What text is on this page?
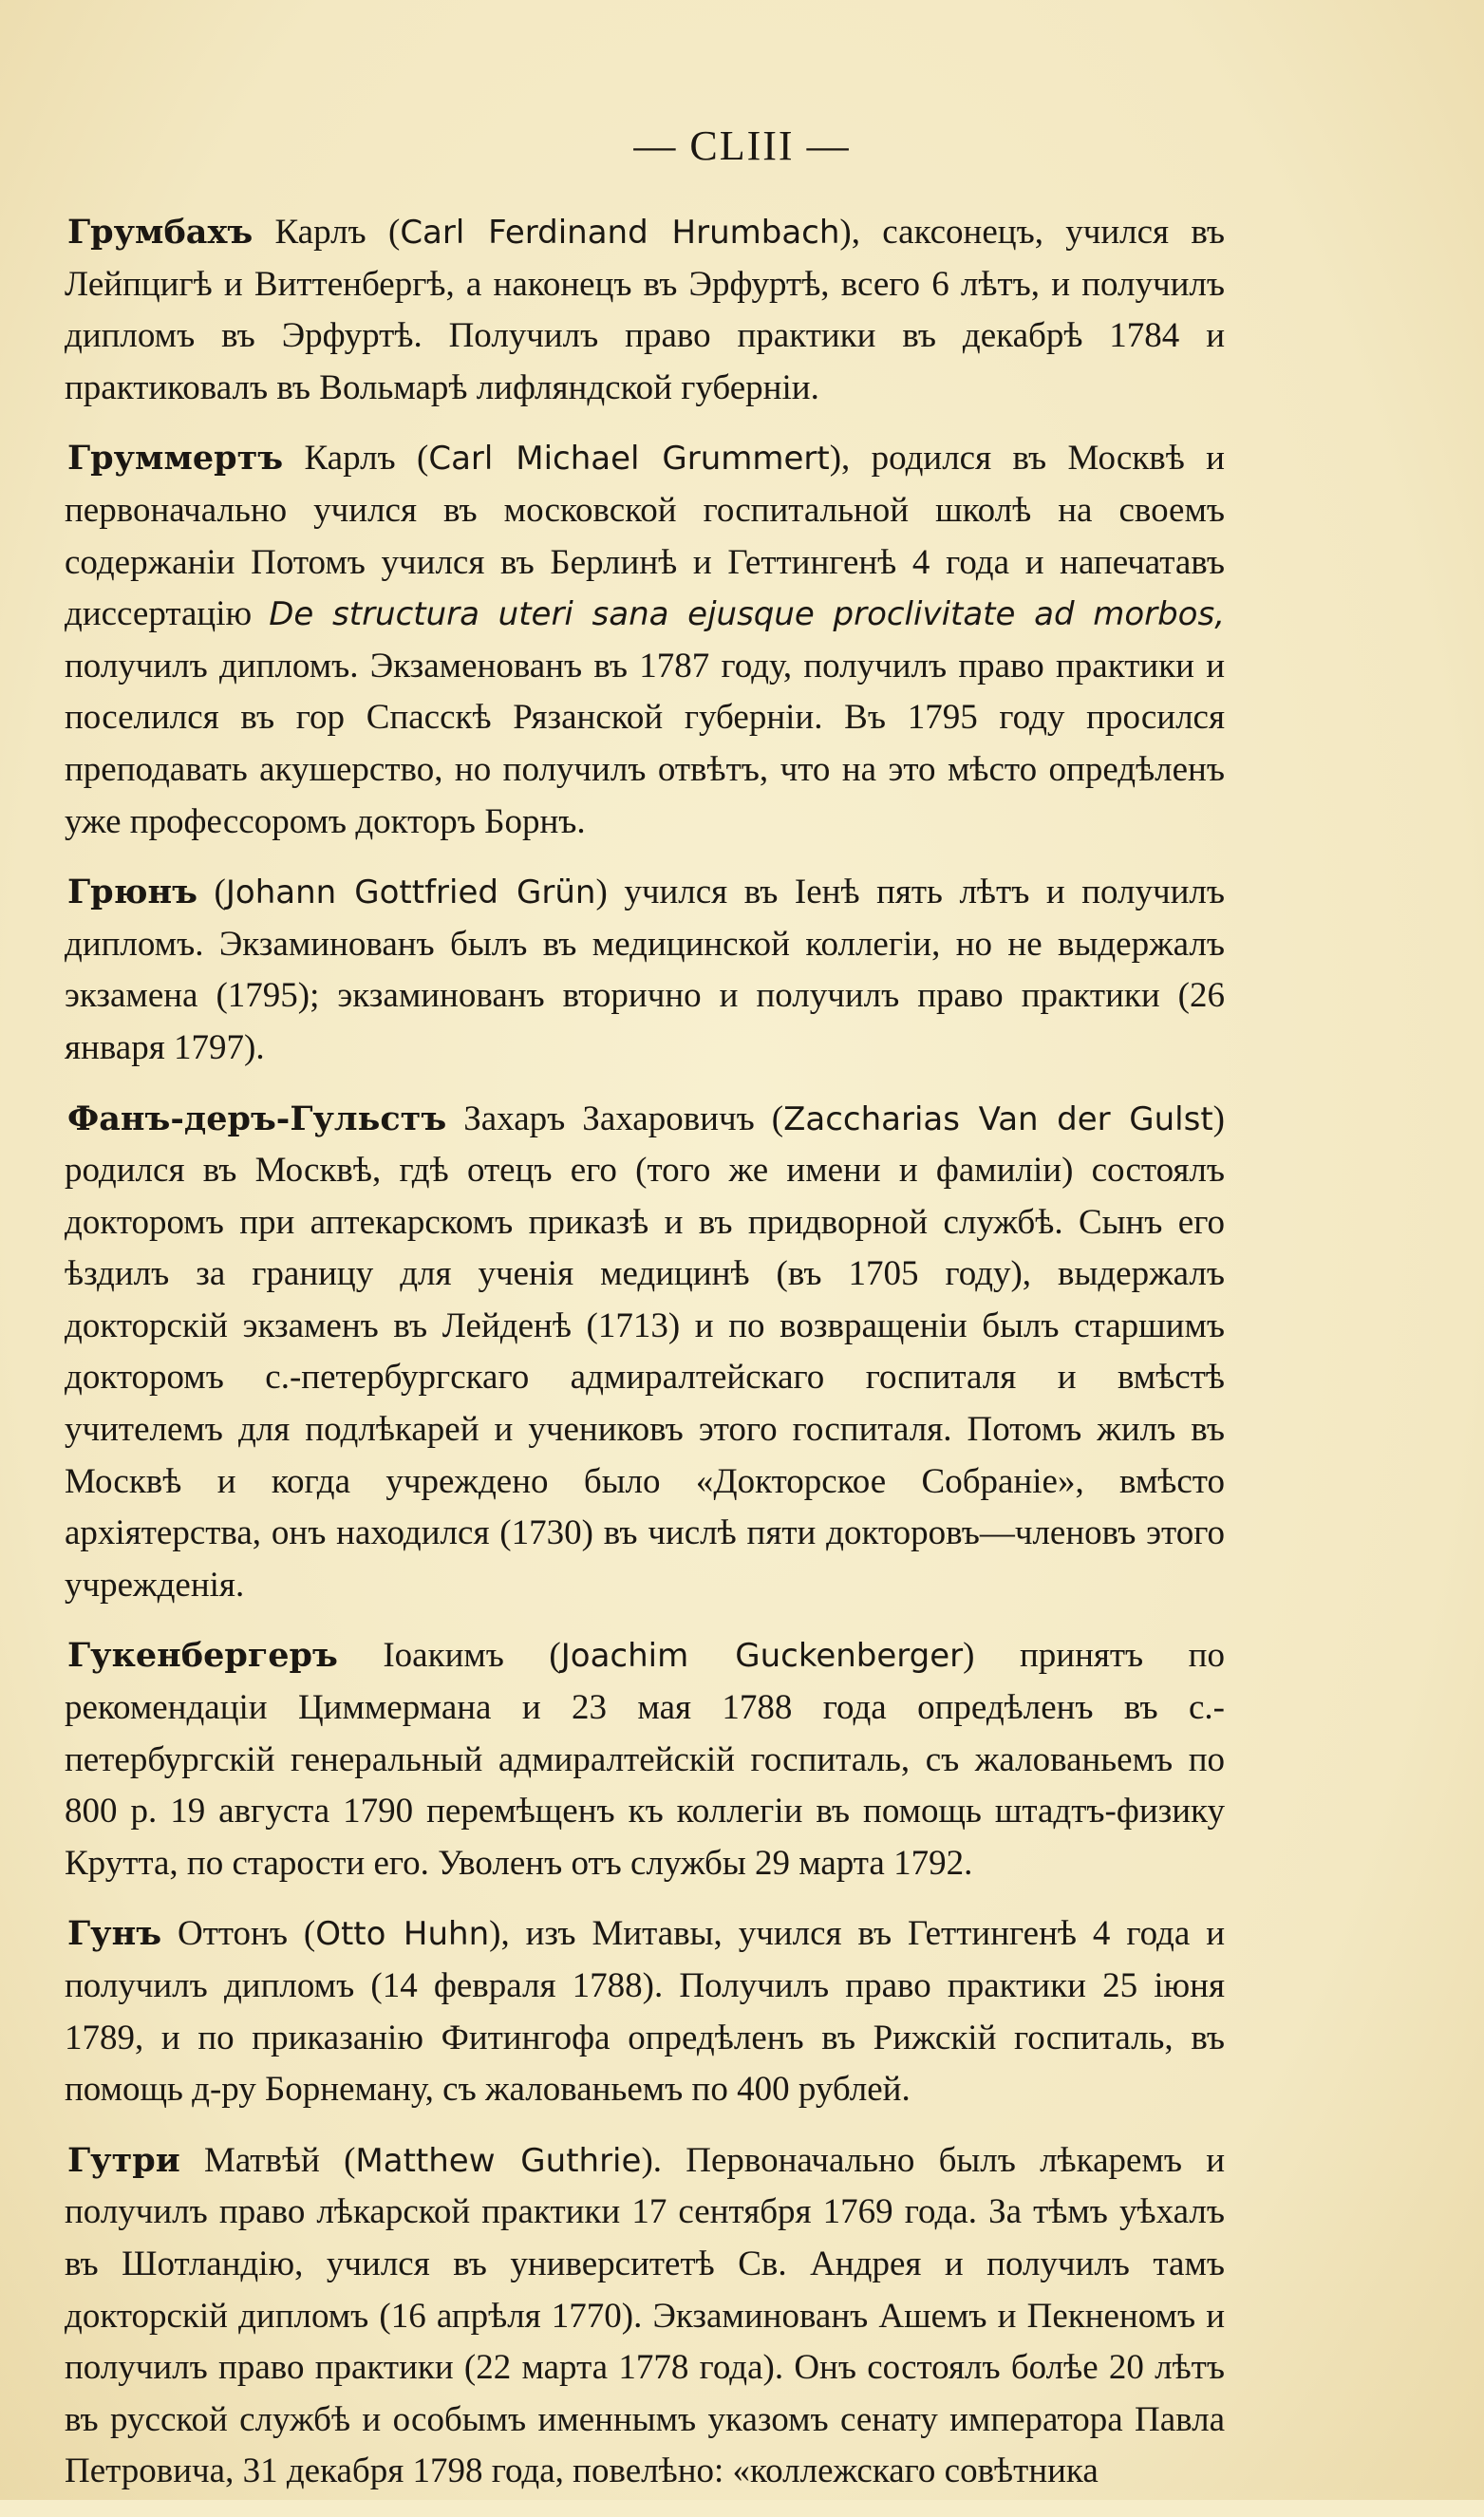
— CLIII —

Грумбахъ Карлъ (Carl Ferdinand Hrumbach), саксонецъ, учился въ Лейпцигѣ и Виттенбергѣ, а наконецъ въ Эрфуртѣ, всего 6 лѣтъ, и получилъ дипломъ въ Эрфуртѣ. Получилъ право практики въ декабрѣ 1784 и практиковалъ въ Вольмарѣ лифляндской губерніи.

Груммертъ Карлъ (Carl Michael Grummert), родился въ Москвѣ и первоначально учился въ московской госпитальной школѣ на своемъ содержаніи Потомъ учился въ Берлинѣ и Геттингенѣ 4 года и напечатавъ диссертацію De structura uteri sana ejusque proclivitate ad morbos, получилъ дипломъ. Экзаменованъ въ 1787 году, получилъ право практики и поселился въ гор Спасскѣ Рязанской губерніи. Въ 1795 году просился преподавать акушерство, но получилъ отвѣтъ, что на это мѣсто опредѣленъ уже профессоромъ докторъ Борнъ.

Грюнъ (Johann Gottfried Grün) учился въ Іенѣ пять лѣтъ и получилъ дипломъ. Экзаминованъ былъ въ медицинской коллегіи, но не выдержалъ экзамена (1795); экзаминованъ вторично и получилъ право практики (26 января 1797).

Фанъ-деръ-Гульстъ Захаръ Захаровичъ (Zaccharias Van der Gulst) родился въ Москвѣ, гдѣ отецъ его (того же имени и фамиліи) состоялъ докторомъ при аптекарскомъ приказѣ и въ придворной службѣ. Сынъ его ѣздилъ за границу для ученія медицинѣ (въ 1705 году), выдержалъ докторскій экзаменъ въ Лейденѣ (1713) и по возвращеніи былъ старшимъ докторомъ с.-петербургскаго адмиралтейскаго госпиталя и вмѣстѣ учителемъ для подлѣкарей и учениковъ этого госпиталя. Потомъ жилъ въ Москвѣ и когда учреждено было «Докторское Собраніе», вмѣсто архіятерства, онъ находился (1730) въ числѣ пяти докторовъ—членовъ этого учрежденія.

Гукенбергеръ Іоакимъ (Joachim Guckenberger) принятъ по рекомендаціи Циммермана и 23 мая 1788 года опредѣленъ въ с.-петербургскій генеральный адмиралтейскій госпиталь, съ жалованьемъ по 800 р. 19 августа 1790 перемѣщенъ къ коллегіи въ помощь штадтъ-физику Крутта, по старости его. Уволенъ отъ службы 29 марта 1792.

Гунъ Оттонъ (Otto Huhn), изъ Митавы, учился въ Геттингенѣ 4 года и получилъ дипломъ (14 февраля 1788). Получилъ право практики 25 іюня 1789, и по приказанію Фитингофа опредѣленъ въ Рижскій госпиталь, въ помощь д-ру Борнеману, съ жалованьемъ по 400 рублей.

Гутри Матвѣй (Matthew Guthrie). Первоначально былъ лѣкаремъ и получилъ право лѣкарской практики 17 сентября 1769 года. За тѣмъ уѣхалъ въ Шотландію, учился въ университетѣ Св. Андрея и получилъ тамъ докторскій дипломъ (16 апрѣля 1770). Экзаминованъ Ашемъ и Пекненомъ и получилъ право практики (22 марта 1778 года). Онъ состоялъ болѣе 20 лѣтъ въ русской службѣ и особымъ именнымъ указомъ сенату императора Павла Петровича, 31 декабря 1798 года, повелѣно: «коллежскаго совѣтника
